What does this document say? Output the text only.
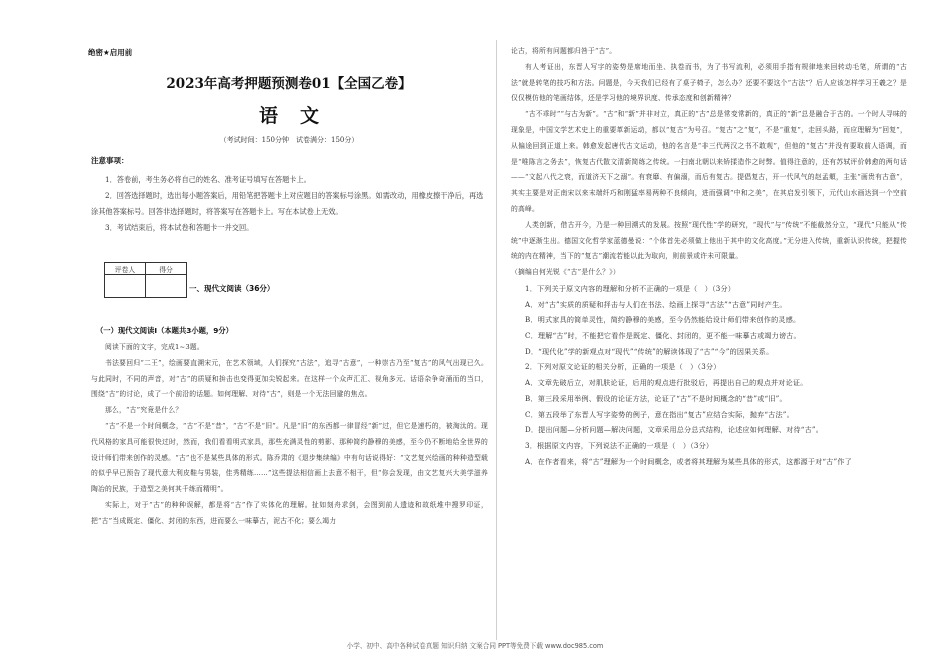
绝密★启用前
2023年高考押题预测卷01【全国乙卷】
语文
（考试时间：150分钟　试卷满分：150分）
注意事项：

1．答卷前，考生务必将自己的姓名、准考证号填写在答题卡上。

2．回答选择题时，选出每小题答案后，用铅笔把答题卡上对应题目的答案标号涂黑。如需改动，用橡皮擦干净后，再选涂其他答案标号。回答非选择题时，将答案写在答题卡上。写在本试卷上无效。

3．考试结束后，将本试卷和答题卡一并交回。

评卷人	得分

一、现代文阅读（36分）
（一）现代文阅读Ⅰ（本题共3小题，9分）

阅读下面的文字，完成1~3题。

书法要回归“二王”，绘画要直溯宋元，在艺术领域，人们探究“古法”，追寻“古意”，一种崇古乃至“复古”的风气出现已久。与此同时，不同的声音，对“古”的质疑和拚击也变得更加尖锐起来。在这样一个众声汇汇、视角多元、话语杂争奇涌而的当口，围绕“古”的讨论，成了一个前沿的话题。如何理解、对待“古”，则是一个无法回避的焦点。

那么，“古”究竟是什么？

“古”不是一个时间概念，“古”不是“昔”，“古”不是“旧”。凡是“旧”的东西都一律冒经“新”过，但它是速朽的，被淘汰的。现代风格的家具可能很快过时，然而，我们看看明式家具，那些充满灵性的剪影、那种简约静穆的美感，至今仍不断地给全世界的设计师们带来创作的灵感。“古”也不是某些具体的形式。陈乔肃的《退步集续编》中有句话说得好：“文艺复兴绘画的种种造型载的似乎早已预告了现代意大利皮鞋与男装，佳秀精练……”这些提法相信画上去意不相干，但“你会发现，由文艺复兴大美学滋养陶冶的民族，于造型之美何其千练而精明”。

实际上，对于“古”的种种误解，都是将“古”作了实体化的理解。扯如刻舟求剑，会图到前人遗迹和故纸堆中搜罗印证，把“古”当成既定、僵化、封闭的东西，进而要么一味摹古，泥古不化；要么竭力

论古，将所有问题都归咎于“古”。

有人考证出，东晋人写字的姿势是席地而坐、执卷而书，为了书写流利，必须用手指有规律地来回转动毛笔，所谓的“古法”就是转笔的技巧和方法。问题是，今天我们已经有了桌子椅子，怎么办？还要不要这个“古法”？后人应该怎样学习王羲之？是仅仅模仿他的笔画结体，还是学习他的境界识度、传承态度和创新精神？

“古不乖时”“与古为新”。“古”和“新”并非对立，真正的“古”总是常变常新的，真正的“新”总是融合于古的。一个时人寻味的现象是，中国文学艺术史上的重要革新运动，都以“复古”为号召。“复古”之“复”，不是“重复”，走回头路，而应理解为“回复”，从偏途回到正道上来。韩愈发起唐代古文运动，他的名言是“非三代两汉之书不敢观”，但他的“复古”并没有要取前人语调，而是“唯陈言之务去”，恢复古代散文清新简练之传统。一扫南北朝以来矫揉造作之时弊。值得注意的，还有苏轼评价韩愈的两句话——“文起八代之衰，而道济天下之溺”。有衰靡、有偏溺，而后有复古。提倡复古，开一代风气的赵孟頫，主张“画贵有古意”，其实主要是对正南宋以来末端纤巧和刚猛率易两种不良倾向，进而强调“中和之美”，在其启发引领下，元代山水画达到一个空前的高峰。

人类创新，借古开今，乃是一种回溯式的发展。按照“现代性”学的研究，“现代”与“传统”不能截然分立，“现代”只能从“传统”中逐渐生出。德国文化哲学家蓝德曼说：“个体首先必须做上他出于其中的文化高度。”无分进入传统，重新认识传统，把握传统的内在精神，当下的“复古”潮流若能以此为取向，则前景或许未可限量。

（摘编自何光锐《“古”是什么？》）

1．下列关于原文内容的理解和分析不正确的一项是（　）（3分）

A．对“古”实质的质疑和抨击与人们在书法、绘画上探寻“古法”“古意”同时产生。

B．明式家具的简单灵性，简约静穆的美感，至今仍然能给设计师们带来创作的灵感。

C．理解“古”时，不能把它看作是既定、僵化、封闭的，更不能一味摹古或竭力谤古。

D．“现代化”学的新观点对“现代”“传统”的解读体现了“古”“今”的因果关系。

2．下列对原文论证的相关分析，正确的一项是（　）（3分）

A．文章先破后立，对肌肤论证，后用的观点进行批驳后，再提出自己的观点并对论证。

B．第三段采用举例、假设的论证方法，论证了“古”不是时间概念的“昔”或“旧”。

C．第五段举了东晋人写字姿势的例子，意在指出“复古”应结合实际，抛弃“古法”。

D．提出问题—分析问题—解决问题，文章采用总分总式结构，论述应如何理解、对待“古”。

3．根据原文内容，下列说法不正确的一项是（　）（3分）

A．在作者看来，将“古”理解为一个时间概念，或者将其理解为某些具体的形式，这都源于对“古”作了

小学、初中、高中各种试卷真题 知识归纳 文案合同 PPT等免费下载 www.doc985.com
